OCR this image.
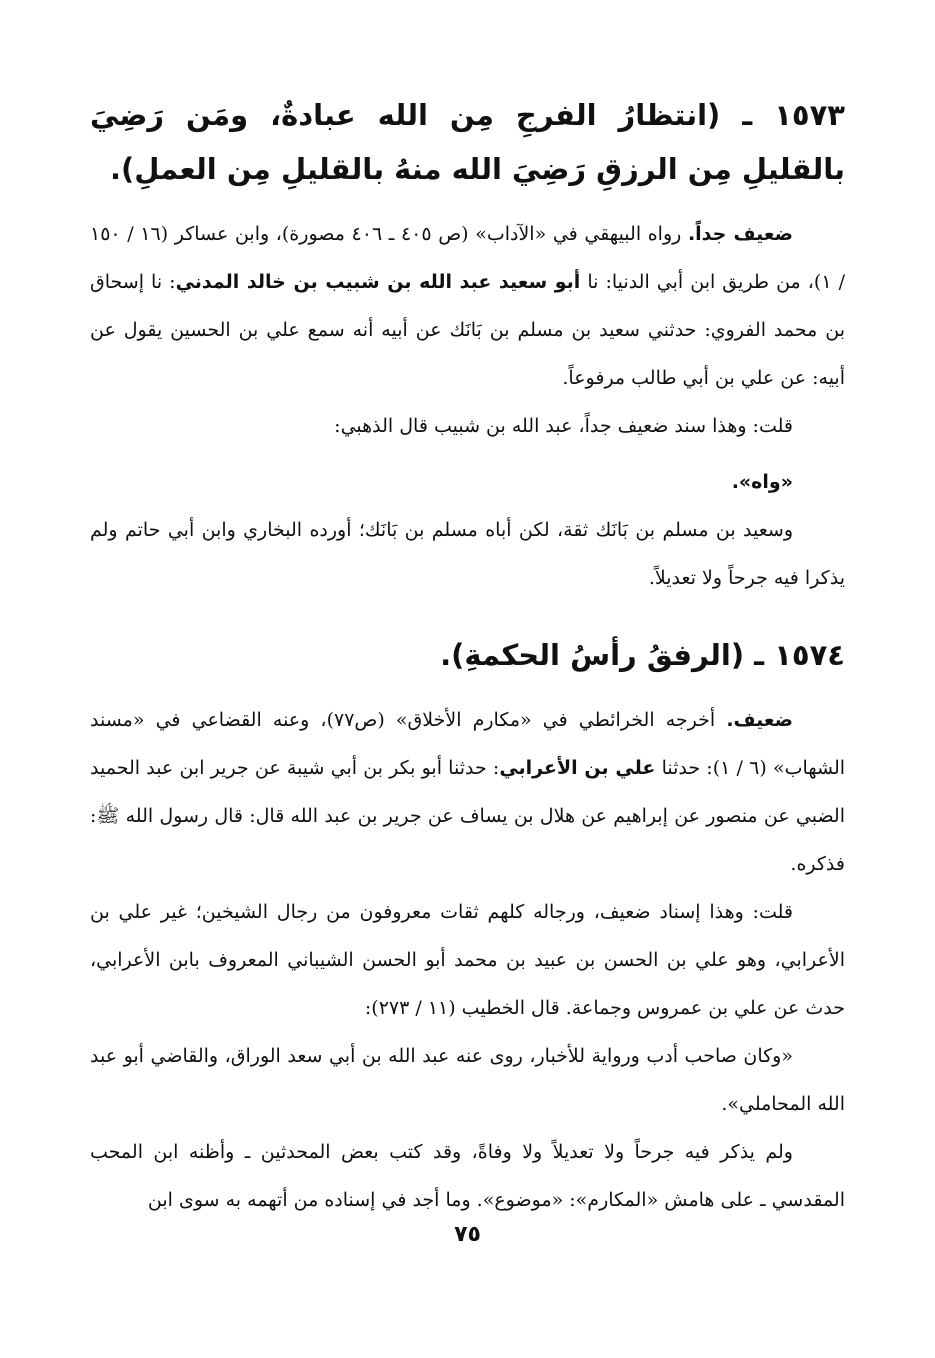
١٥٧٣ ـ (انتظارُ الفرجِ مِن الله عبادةٌ، ومَن رَضِيَ بالقليلِ مِن الرزقِ رَضِيَ الله منهُ بالقليلِ مِن العملِ).

ضعيف جداً. رواه البيهقي في «الآداب» (ص ٤٠٥ ـ ٤٠٦ مصورة)، وابن عساكر (١٦ / ١٥٠ / ١)، من طريق ابن أبي الدنيا: نا أبو سعيد عبد الله بن شبيب بن خالد المدني: نا إسحاق بن محمد الفروي: حدثني سعيد بن مسلم بن بَانَك عن أبيه أنه سمع علي بن الحسين يقول عن أبيه: عن علي بن أبي طالب مرفوعاً.

قلت: وهذا سند ضعيف جداً، عبد الله بن شبيب قال الذهبي:

«واه».

وسعيد بن مسلم بن بَانَك ثقة، لكن أباه مسلم بن بَانَك؛ أورده البخاري وابن أبي حاتم ولم يذكرا فيه جرحاً ولا تعديلاً.

١٥٧٤ ـ (الرفقُ رأسُ الحكمةِ).

ضعيف. أخرجه الخرائطي في «مكارم الأخلاق» (ص٧٧)، وعنه القضاعي في «مسند الشهاب» (٦ / ١): حدثنا علي بن الأعرابي: حدثنا أبو بكر بن أبي شيبة عن جرير ابن عبد الحميد الضبي عن منصور عن إبراهيم عن هلال بن يساف عن جرير بن عبد الله قال: قال رسول الله ﷺ: فذكره.

قلت: وهذا إسناد ضعيف، ورجاله كلهم ثقات معروفون من رجال الشيخين؛ غير علي بن الأعرابي، وهو علي بن الحسن بن عبيد بن محمد أبو الحسن الشيباني المعروف بابن الأعرابي، حدث عن علي بن عمروس وجماعة. قال الخطيب (١١ / ٢٧٣):

«وكان صاحب أدب ورواية للأخبار، روى عنه عبد الله بن أبي سعد الوراق، والقاضي أبو عبد الله المحاملي».

ولم يذكر فيه جرحاً ولا تعديلاً ولا وفاةً، وقد كتب بعض المحدثين ـ وأظنه ابن المحب المقدسي ـ على هامش «المكارم»: «موضوع». وما أجد في إسناده من أتهمه به سوى ابن

٧٥
